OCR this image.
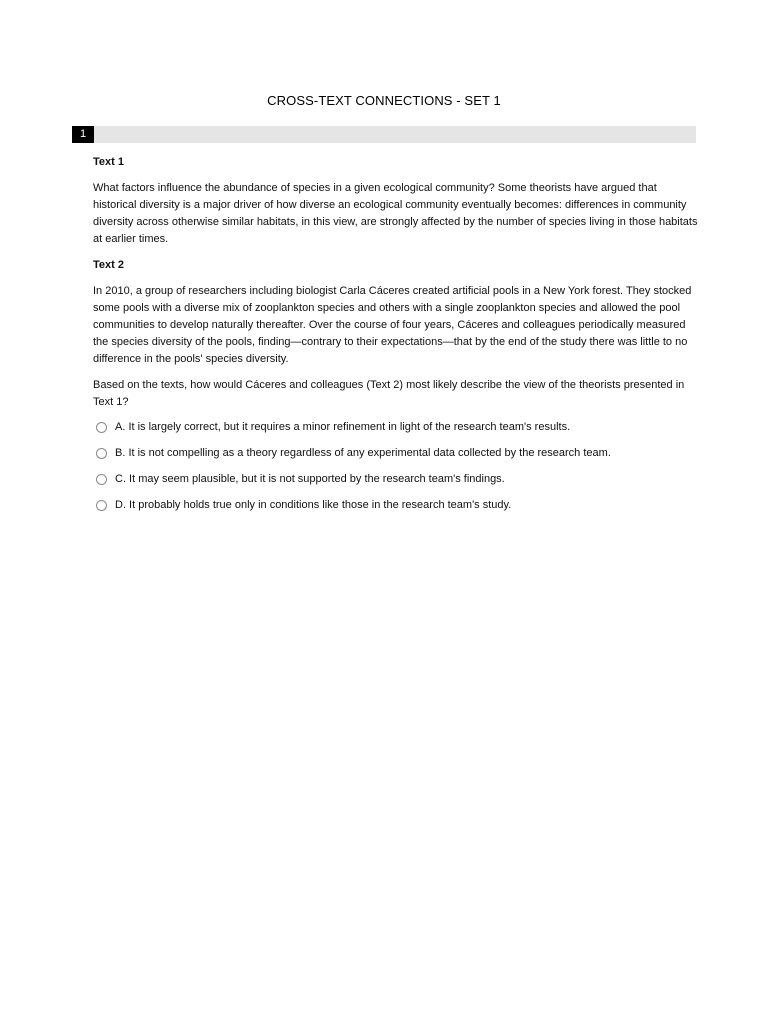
CROSS-TEXT CONNECTIONS - SET 1
1
Text 1
What factors influence the abundance of species in a given ecological community? Some theorists have argued that historical diversity is a major driver of how diverse an ecological community eventually becomes: differences in community diversity across otherwise similar habitats, in this view, are strongly affected by the number of species living in those habitats at earlier times.
Text 2
In 2010, a group of researchers including biologist Carla Cáceres created artificial pools in a New York forest. They stocked some pools with a diverse mix of zooplankton species and others with a single zooplankton species and allowed the pool communities to develop naturally thereafter. Over the course of four years, Cáceres and colleagues periodically measured the species diversity of the pools, finding—contrary to their expectations—that by the end of the study there was little to no difference in the pools' species diversity.
Based on the texts, how would Cáceres and colleagues (Text 2) most likely describe the view of the theorists presented in Text 1?
A. It is largely correct, but it requires a minor refinement in light of the research team's results.
B. It is not compelling as a theory regardless of any experimental data collected by the research team.
C. It may seem plausible, but it is not supported by the research team's findings.
D. It probably holds true only in conditions like those in the research team's study.
